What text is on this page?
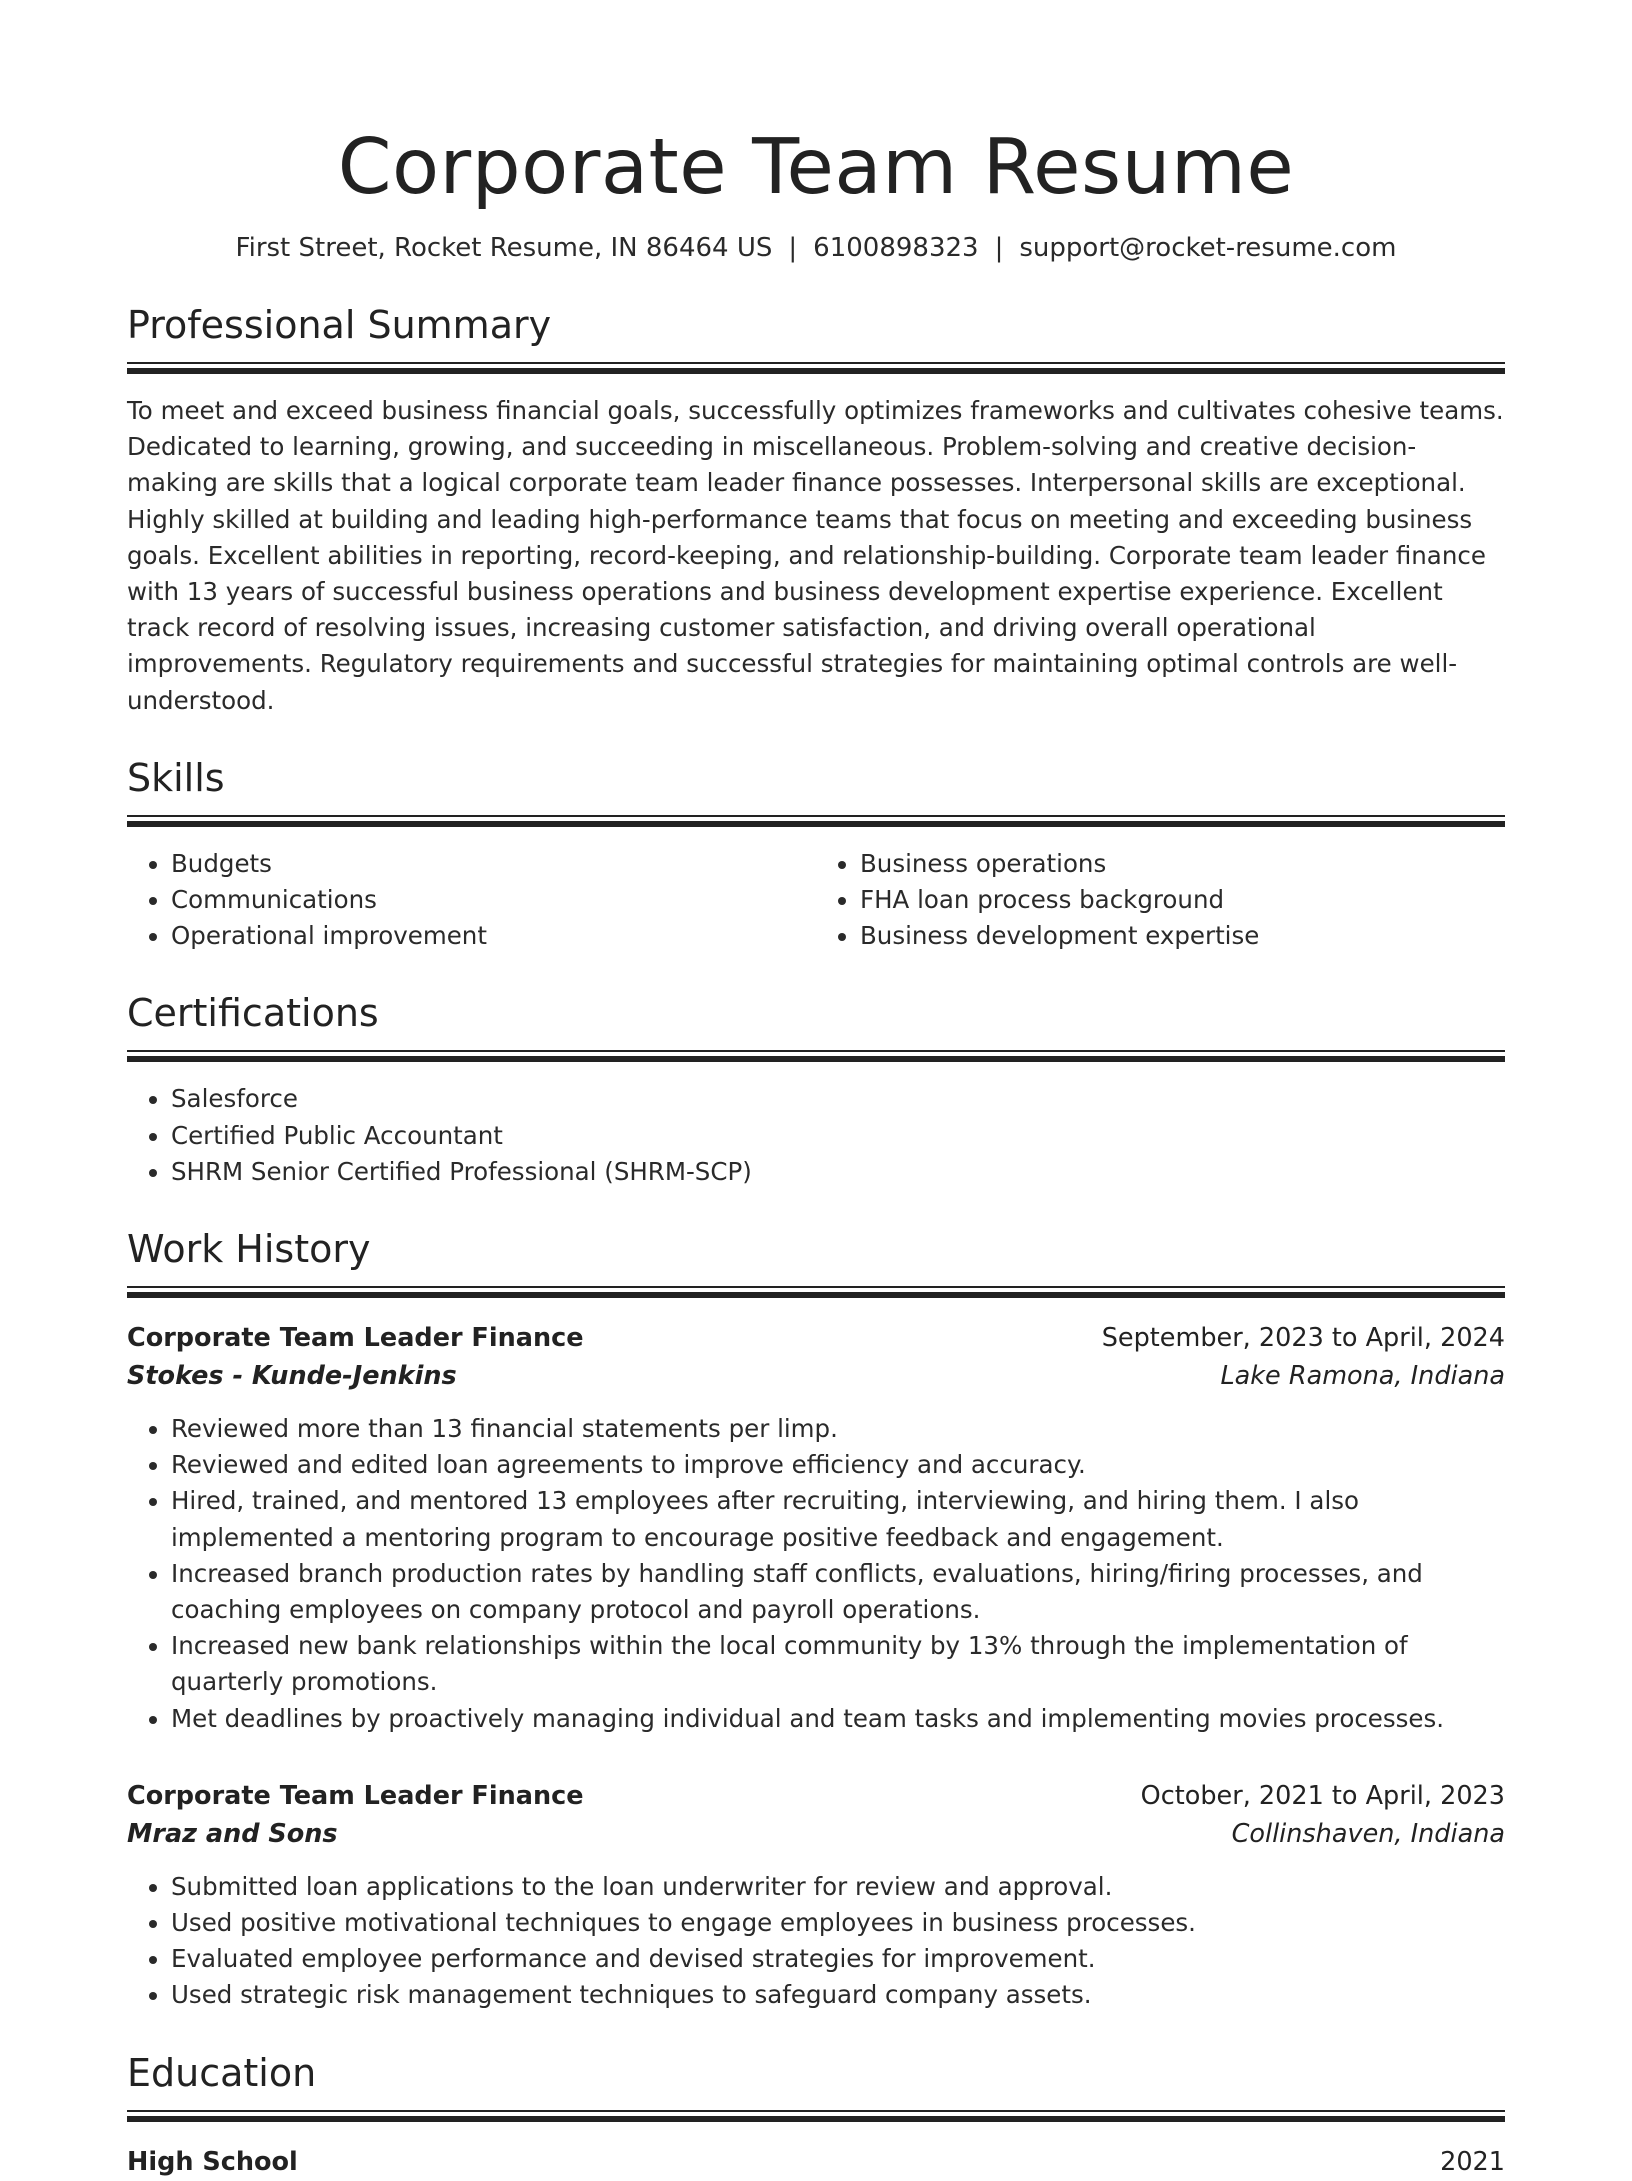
Corporate Team Resume
First Street, Rocket Resume, IN 86464 US | 6100898323 | support@rocket-resume.com
Professional Summary
To meet and exceed business financial goals, successfully optimizes frameworks and cultivates cohesive teams. Dedicated to learning, growing, and succeeding in miscellaneous. Problem-solving and creative decision-making are skills that a logical corporate team leader finance possesses. Interpersonal skills are exceptional. Highly skilled at building and leading high-performance teams that focus on meeting and exceeding business goals. Excellent abilities in reporting, record-keeping, and relationship-building. Corporate team leader finance with 13 years of successful business operations and business development expertise experience. Excellent track record of resolving issues, increasing customer satisfaction, and driving overall operational improvements. Regulatory requirements and successful strategies for maintaining optimal controls are well-understood.
Skills
• Budgets
• Communications
• Operational improvement
• Business operations
• FHA loan process background
• Business development expertise
Certifications
• Salesforce
• Certified Public Accountant
• SHRM Senior Certified Professional (SHRM-SCP)
Work History
Corporate Team Leader Finance	September, 2023 to April, 2024
Stokes - Kunde-Jenkins	Lake Ramona, Indiana
• Reviewed more than 13 financial statements per limp.
• Reviewed and edited loan agreements to improve efficiency and accuracy.
• Hired, trained, and mentored 13 employees after recruiting, interviewing, and hiring them. I also implemented a mentoring program to encourage positive feedback and engagement.
• Increased branch production rates by handling staff conflicts, evaluations, hiring/firing processes, and coaching employees on company protocol and payroll operations.
• Increased new bank relationships within the local community by 13% through the implementation of quarterly promotions.
• Met deadlines by proactively managing individual and team tasks and implementing movies processes.
Corporate Team Leader Finance	October, 2021 to April, 2023
Mraz and Sons	Collinshaven, Indiana
• Submitted loan applications to the loan underwriter for review and approval.
• Used positive motivational techniques to engage employees in business processes.
• Evaluated employee performance and devised strategies for improvement.
• Used strategic risk management techniques to safeguard company assets.
Education
High School	2021
